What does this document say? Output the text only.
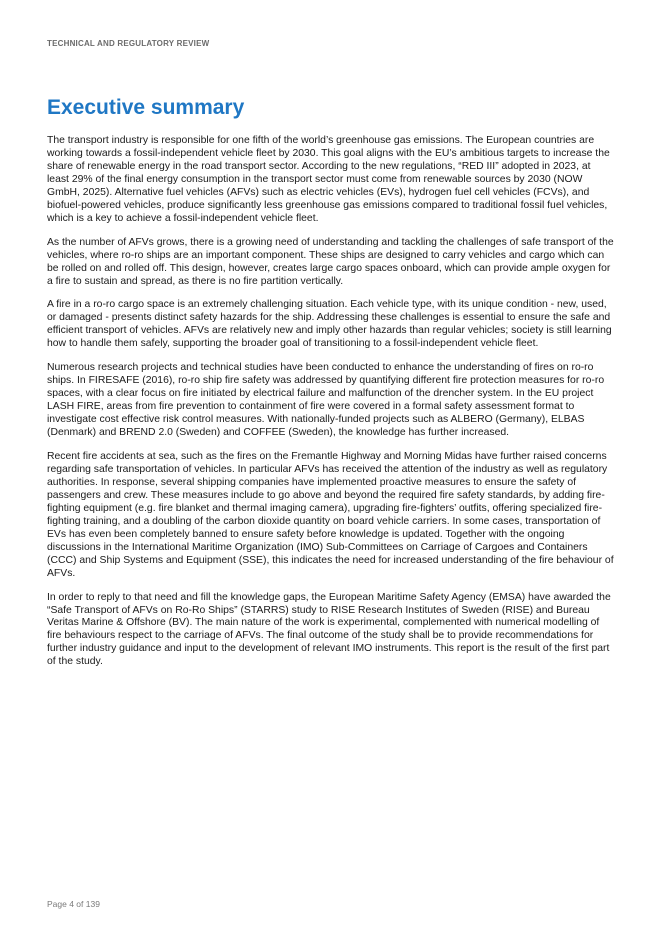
TECHNICAL AND REGULATORY REVIEW
Executive summary

The transport industry is responsible for one fifth of the world’s greenhouse gas emissions. The European countries are working towards a fossil-independent vehicle fleet by 2030. This goal aligns with the EU’s ambitious targets to increase the share of renewable energy in the road transport sector. According to the new regulations, “RED III” adopted in 2023, at least 29% of the final energy consumption in the transport sector must come from renewable sources by 2030 (NOW GmbH, 2025). Alternative fuel vehicles (AFVs) such as electric vehicles (EVs), hydrogen fuel cell vehicles (FCVs), and biofuel-powered vehicles, produce significantly less greenhouse gas emissions compared to traditional fossil fuel vehicles, which is a key to achieve a fossil-independent vehicle fleet.

As the number of AFVs grows, there is a growing need of understanding and tackling the challenges of safe transport of the vehicles, where ro-ro ships are an important component. These ships are designed to carry vehicles and cargo which can be rolled on and rolled off. This design, however, creates large cargo spaces onboard, which can provide ample oxygen for a fire to sustain and spread, as there is no fire partition vertically.

A fire in a ro-ro cargo space is an extremely challenging situation. Each vehicle type, with its unique condition - new, used, or damaged - presents distinct safety hazards for the ship. Addressing these challenges is essential to ensure the safe and efficient transport of vehicles. AFVs are relatively new and imply other hazards than regular vehicles; society is still learning how to handle them safely, supporting the broader goal of transitioning to a fossil-independent vehicle fleet.

Numerous research projects and technical studies have been conducted to enhance the understanding of fires on ro-ro ships. In FIRESAFE (2016), ro-ro ship fire safety was addressed by quantifying different fire protection measures for ro-ro spaces, with a clear focus on fire initiated by electrical failure and malfunction of the drencher system. In the EU project LASH FIRE, areas from fire prevention to containment of fire were covered in a formal safety assessment format to investigate cost effective risk control measures. With nationally-funded projects such as ALBERO (Germany), ELBAS (Denmark) and BREND 2.0 (Sweden) and COFFEE (Sweden), the knowledge has further increased.

Recent fire accidents at sea, such as the fires on the Fremantle Highway and Morning Midas have further raised concerns regarding safe transportation of vehicles. In particular AFVs has received the attention of the industry as well as regulatory authorities. In response, several shipping companies have implemented proactive measures to ensure the safety of passengers and crew. These measures include to go above and beyond the required fire safety standards, by adding fire-fighting equipment (e.g. fire blanket and thermal imaging camera), upgrading fire-fighters’ outfits, offering specialized fire-fighting training, and a doubling of the carbon dioxide quantity on board vehicle carriers. In some cases, transportation of EVs has even been completely banned to ensure safety before knowledge is updated. Together with the ongoing discussions in the International Maritime Organization (IMO) Sub-Committees on Carriage of Cargoes and Containers (CCC) and Ship Systems and Equipment (SSE), this indicates the need for increased understanding of the fire behaviour of AFVs.

In order to reply to that need and fill the knowledge gaps, the European Maritime Safety Agency (EMSA) have awarded the “Safe Transport of AFVs on Ro-Ro Ships” (STARRS) study to RISE Research Institutes of Sweden (RISE) and Bureau Veritas Marine & Offshore (BV). The main nature of the work is experimental, complemented with numerical modelling of fire behaviours respect to the carriage of AFVs. The final outcome of the study shall be to provide recommendations for further industry guidance and input to the development of relevant IMO instruments. This report is the result of the first part of the study.

Page 4 of 139
